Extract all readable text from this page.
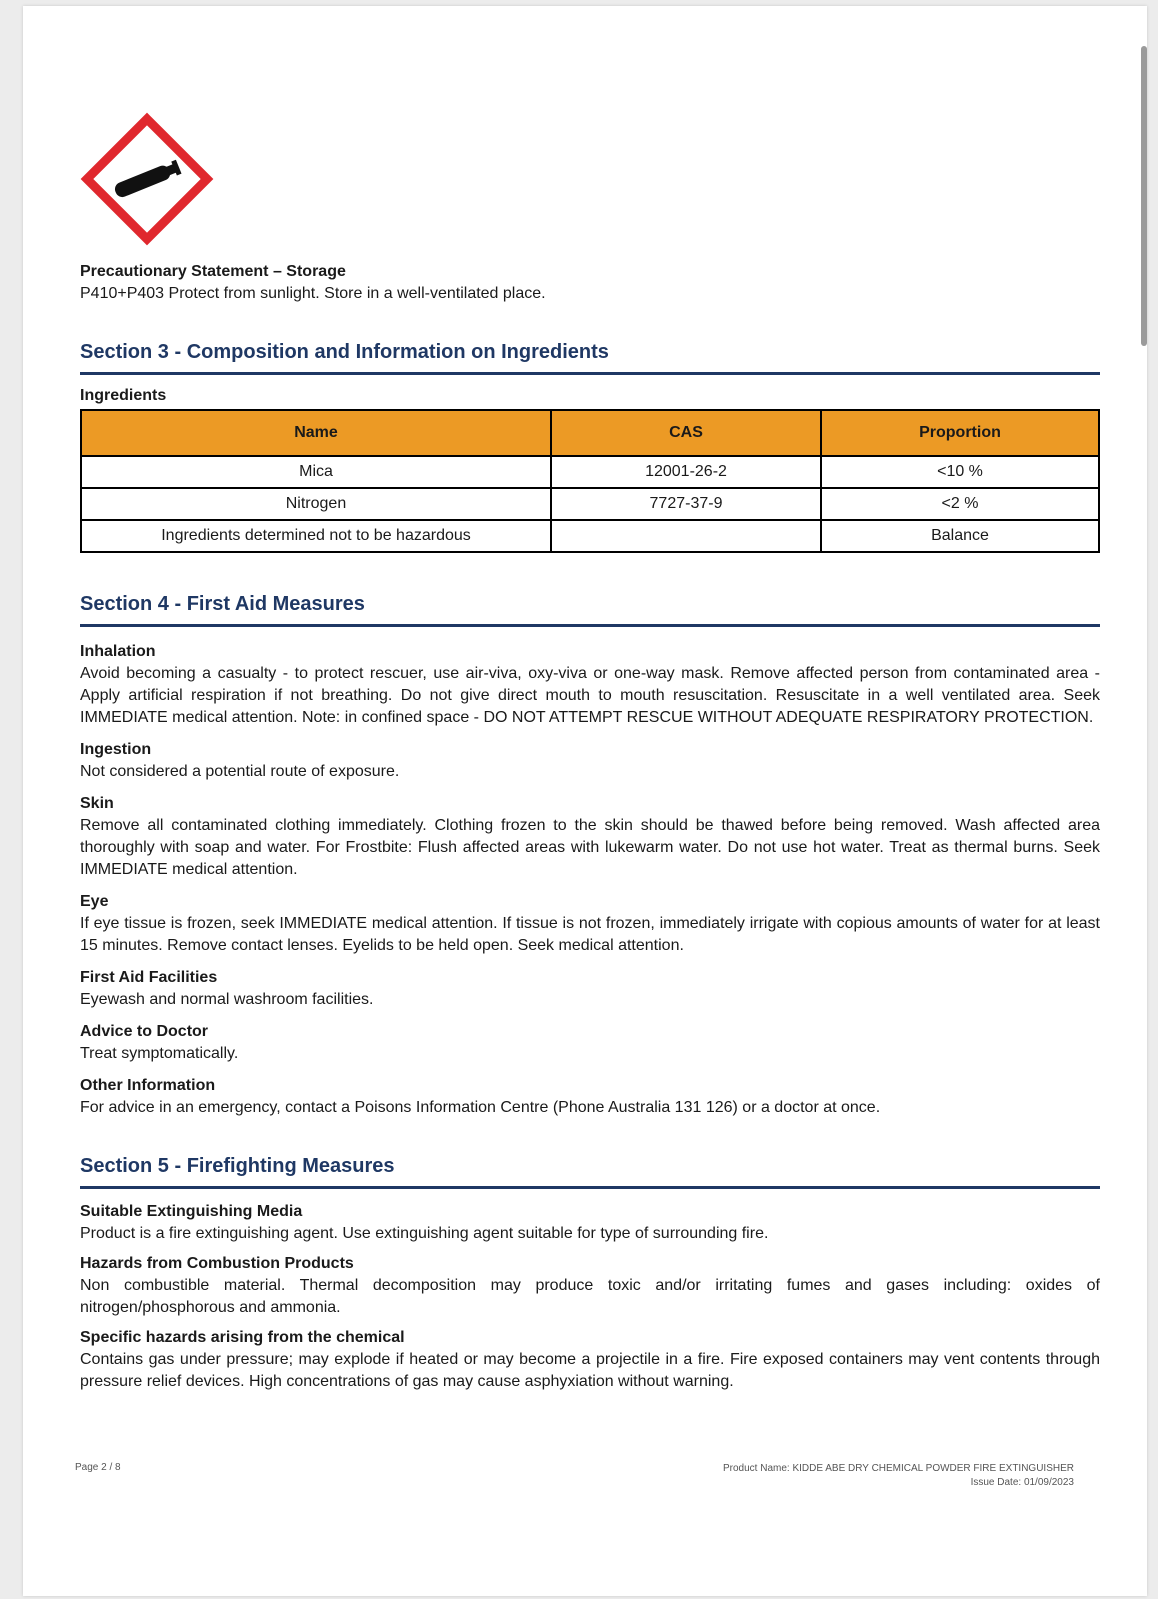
Precautionary Statement – Storage
P410+P403 Protect from sunlight. Store in a well-ventilated place.
Section 3 - Composition and Information on Ingredients
Ingredients
Name	CAS	Proportion
Mica	12001-26-2	<10 %
Nitrogen	7727-37-9	<2 %
Ingredients determined not to be hazardous		Balance
Section 4 - First Aid Measures
Inhalation
Avoid becoming a casualty - to protect rescuer, use air-viva, oxy-viva or one-way mask. Remove affected person from contaminated area - Apply artificial respiration if not breathing. Do not give direct mouth to mouth resuscitation. Resuscitate in a well ventilated area. Seek IMMEDIATE medical attention. Note: in confined space - DO NOT ATTEMPT RESCUE WITHOUT ADEQUATE RESPIRATORY PROTECTION.
Ingestion
Not considered a potential route of exposure.
Skin
Remove all contaminated clothing immediately. Clothing frozen to the skin should be thawed before being removed. Wash affected area thoroughly with soap and water. For Frostbite: Flush affected areas with lukewarm water. Do not use hot water. Treat as thermal burns. Seek IMMEDIATE medical attention.
Eye
If eye tissue is frozen, seek IMMEDIATE medical attention. If tissue is not frozen, immediately irrigate with copious amounts of water for at least 15 minutes. Remove contact lenses. Eyelids to be held open. Seek medical attention.
First Aid Facilities
Eyewash and normal washroom facilities.
Advice to Doctor
Treat symptomatically.
Other Information
For advice in an emergency, contact a Poisons Information Centre (Phone Australia 131 126) or a doctor at once.
Section 5 - Firefighting Measures
Suitable Extinguishing Media
Product is a fire extinguishing agent. Use extinguishing agent suitable for type of surrounding fire.
Hazards from Combustion Products
Non combustible material. Thermal decomposition may produce toxic and/or irritating fumes and gases including: oxides of nitrogen/phosphorous and ammonia.
Specific hazards arising from the chemical
Contains gas under pressure; may explode if heated or may become a projectile in a fire. Fire exposed containers may vent contents through pressure relief devices. High concentrations of gas may cause asphyxiation without warning.
Page 2 / 8	Product Name: KIDDE ABE DRY CHEMICAL POWDER FIRE EXTINGUISHER
Issue Date: 01/09/2023
